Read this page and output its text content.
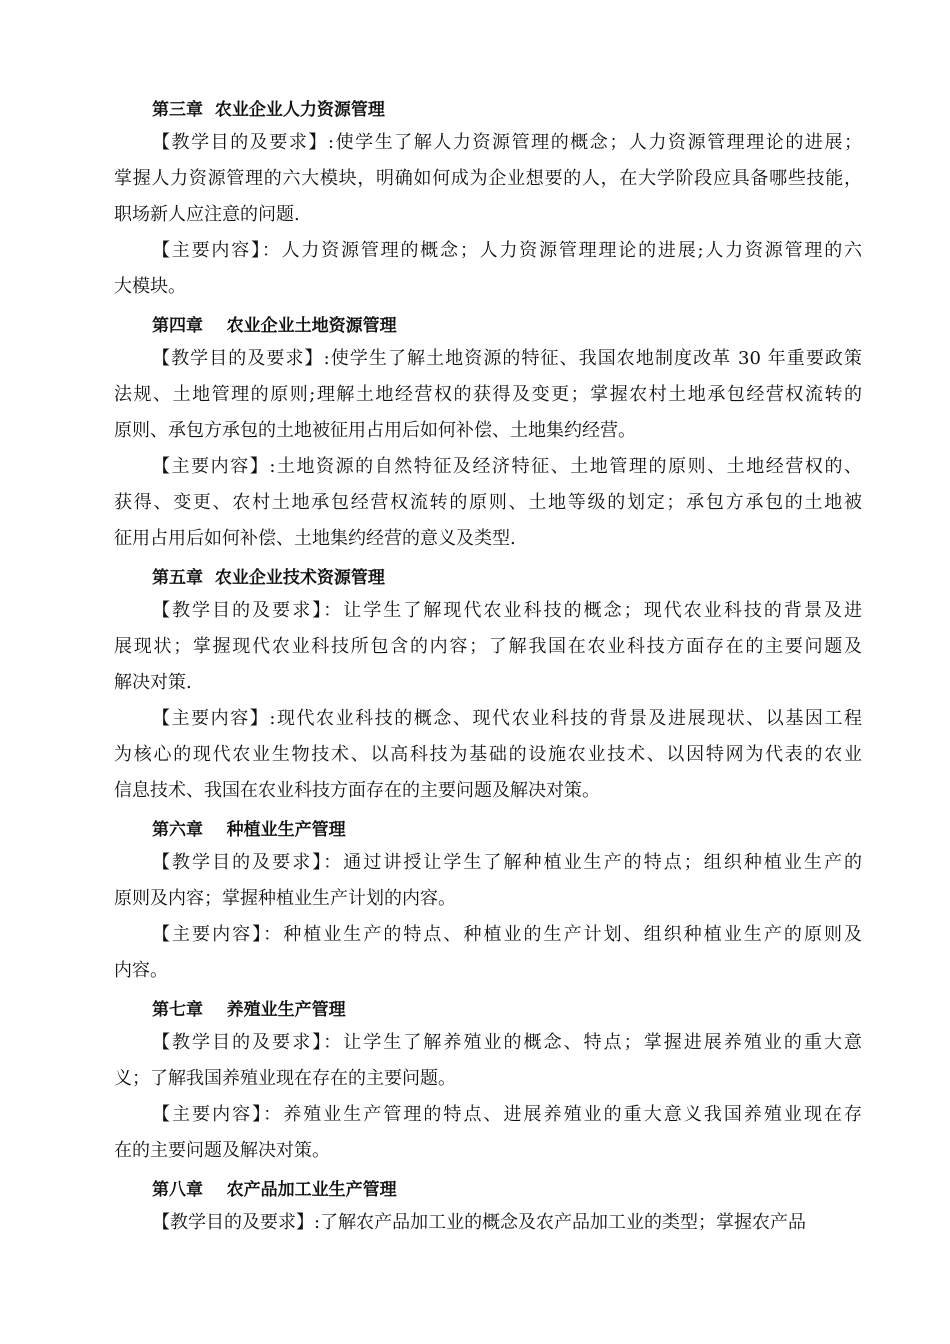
第三章  农业企业人力资源管理
【教学目的及要求】:使学生了解人力资源管理的概念；人力资源管理理论的进展；
掌握人力资源管理的六大模块，明确如何成为企业想要的人，在大学阶段应具备哪些技能，
职场新人应注意的问题.
【主要内容】：人力资源管理的概念；人力资源管理理论的进展;人力资源管理的六
大模块。
第四章    农业企业土地资源管理
【教学目的及要求】:使学生了解土地资源的特征、我国农地制度改革 30 年重要政策
法规、土地管理的原则;理解土地经营权的获得及变更；掌握农村土地承包经营权流转的
原则、承包方承包的土地被征用占用后如何补偿、土地集约经营。
【主要内容】:土地资源的自然特征及经济特征、土地管理的原则、土地经营权的、
获得、变更、农村土地承包经营权流转的原则、土地等级的划定；承包方承包的土地被
征用占用后如何补偿、土地集约经营的意义及类型.
第五章  农业企业技术资源管理
【教学目的及要求】：让学生了解现代农业科技的概念；现代农业科技的背景及进
展现状；掌握现代农业科技所包含的内容；了解我国在农业科技方面存在的主要问题及
解决对策.
【主要内容】:现代农业科技的概念、现代农业科技的背景及进展现状、以基因工程
为核心的现代农业生物技术、以高科技为基础的设施农业技术、以因特网为代表的农业
信息技术、我国在农业科技方面存在的主要问题及解决对策。
第六章    种植业生产管理
【教学目的及要求】：通过讲授让学生了解种植业生产的特点；组织种植业生产的
原则及内容；掌握种植业生产计划的内容。
【主要内容】：种植业生产的特点、种植业的生产计划、组织种植业生产的原则及
内容。
第七章    养殖业生产管理
【教学目的及要求】：让学生了解养殖业的概念、特点；掌握进展养殖业的重大意
义；了解我国养殖业现在存在的主要问题。
【主要内容】：养殖业生产管理的特点、进展养殖业的重大意义我国养殖业现在存
在的主要问题及解决对策。
第八章    农产品加工业生产管理
【教学目的及要求】:了解农产品加工业的概念及农产品加工业的类型；掌握农产品
